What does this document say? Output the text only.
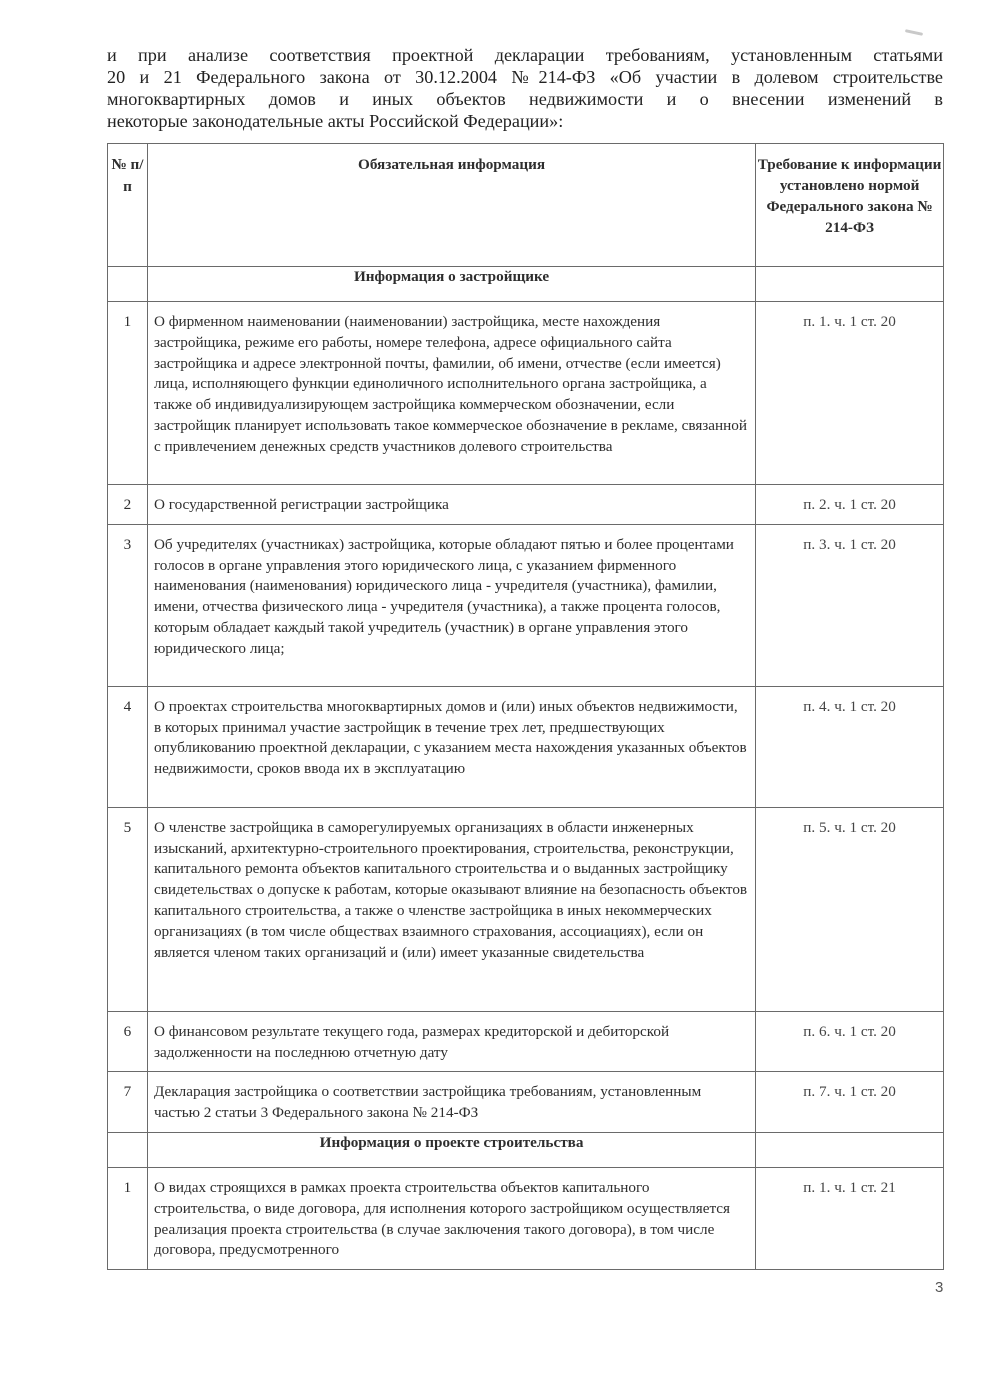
и при анализе соответствия проектной декларации требованиям, установленным статьями
20 и 21 Федерального закона от 30.12.2004 №214-ФЗ «Об участии в долевом строительстве
многоквартирных домов и иных объектов недвижимости и о внесении изменений в
некоторые законодательные акты Российской Федерации»:
№ п/п	Обязательная информация	Требование к информации установлено нормой Федерального закона № 214-ФЗ
	Информация о застройщике	
1	О фирменном наименовании (наименовании) застройщика, месте нахождения застройщика, режиме его работы, номере телефона, адресе официального сайта застройщика и адресе электронной почты, фамилии, об имени, отчестве (если имеется) лица, исполняющего функции единоличного исполнительного органа застройщика, а также об индивидуализирующем застройщика коммерческом обозначении, если застройщик планирует использовать такое коммерческое обозначение в рекламе, связанной с привлечением денежных средств участников долевого строительства	п. 1. ч. 1 ст. 20
2	О государственной регистрации застройщика	п. 2. ч. 1 ст. 20
3	Об учредителях (участниках) застройщика, которые обладают пятью и более процентами голосов в органе управления этого юридического лица, с указанием фирменного наименования (наименования) юридического лица - учредителя (участника), фамилии, имени, отчества физического лица - учредителя (участника), а также процента голосов, которым обладает каждый такой учредитель (участник) в органе управления этого юридического лица;	п. 3. ч. 1 ст. 20
4	О проектах строительства многоквартирных домов и (или) иных объектов недвижимости, в которых принимал участие застройщик в течение трех лет, предшествующих опубликованию проектной декларации, с указанием места нахождения указанных объектов недвижимости, сроков ввода их в эксплуатацию	п. 4. ч. 1 ст. 20
5	О членстве застройщика в саморегулируемых организациях в области инженерных изысканий, архитектурно-строительного проектирования, строительства, реконструкции, капитального ремонта объектов капитального строительства и о выданных застройщику свидетельствах о допуске к работам, которые оказывают влияние на безопасность объектов капитального строительства, а также о членстве застройщика в иных некоммерческих организациях (в том числе обществах взаимного страхования, ассоциациях), если он является членом таких организаций и (или) имеет указанные свидетельства	п. 5. ч. 1 ст. 20
6	О финансовом результате текущего года, размерах кредиторской и дебиторской задолженности на последнюю отчетную дату	п. 6. ч. 1 ст. 20
7	Декларация застройщика о соответствии застройщика требованиям, установленным частью 2 статьи 3 Федерального закона № 214-ФЗ	п. 7. ч. 1 ст. 20
	Информация о проекте строительства	
1	О видах строящихся в рамках проекта строительства объектов капитального строительства, о виде договора, для исполнения которого застройщиком осуществляется реализация проекта строительства (в случае заключения такого договора), в том числе договора, предусмотренного	п. 1. ч. 1 ст. 21
3
